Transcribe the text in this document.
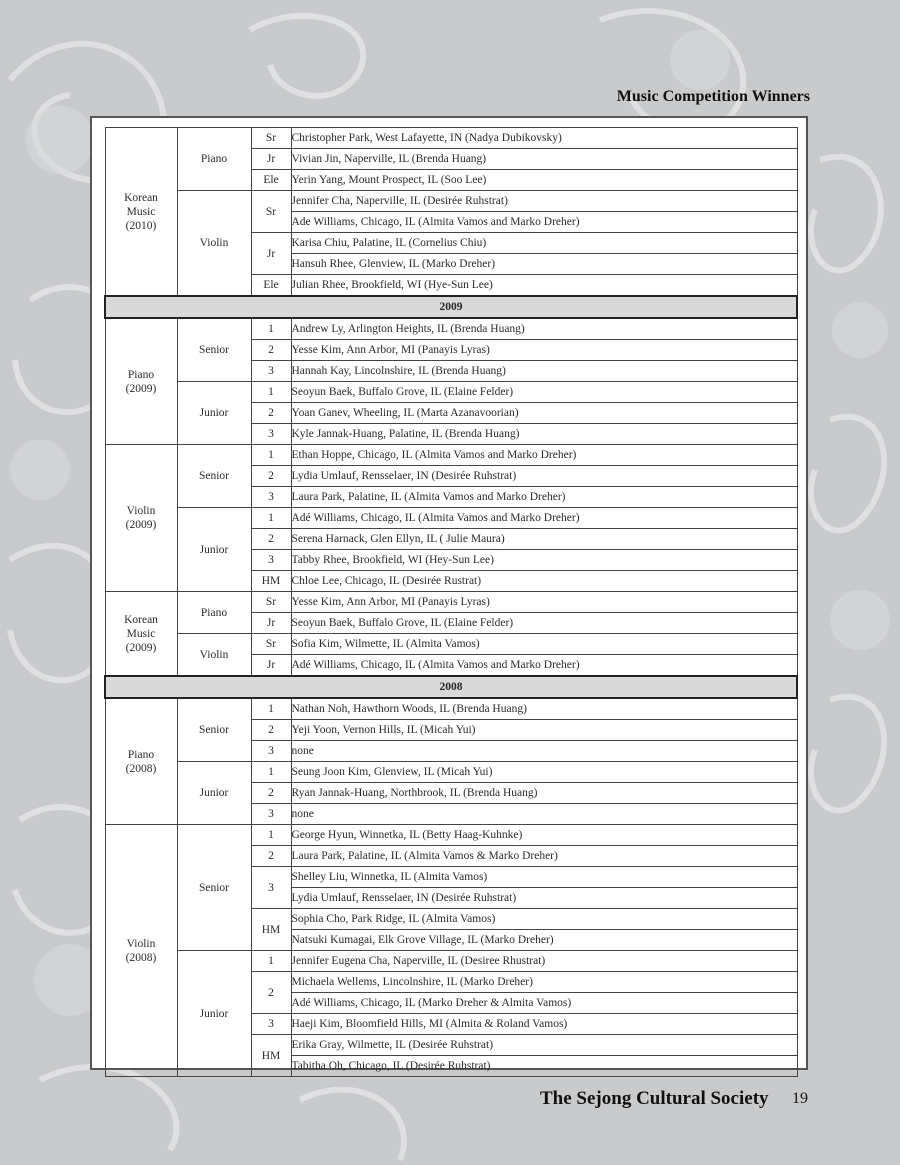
Music Competition Winners
Korean
Music
(2010)	Piano	Sr	Christopher Park, West Lafayette, IN (Nadya Dubikovsky)
		Jr	Vivian Jin, Naperville, IL (Brenda Huang)
		Ele	Yerin Yang, Mount Prospect, IL (Soo Lee)
	Violin	Sr	Jennifer Cha, Naperville, IL (Desirée Ruhstrat)
			Ade Williams, Chicago, IL (Almita Vamos and Marko Dreher)
		Jr	Karisa Chiu, Palatine, IL (Cornelius Chiu)
			Hansuh Rhee, Glenview, IL (Marko Dreher)
		Ele	Julian Rhee, Brookfield, WI (Hye-Sun Lee)
2009			

Piano
(2009)	Senior	1	Andrew Ly, Arlington Heights, IL (Brenda Huang)
		2	Yesse Kim, Ann Arbor, MI (Panayis Lyras)
		3	Hannah Kay, Lincolnshire, IL (Brenda Huang)
	Junior	1	Seoyun Baek, Buffalo Grove, IL (Elaine Felder)
		2	Yoan Ganev, Wheeling, IL (Marta Azanavoorian)
		3	Kyle Jannak-Huang, Palatine, IL (Brenda Huang)

Violin
(2009)	Senior	1	Ethan Hoppe, Chicago, IL (Almita Vamos and Marko Dreher)
		2	Lydia Umlauf, Rensselaer, IN (Desirée Ruhstrat)
		3	Laura Park, Palatine, IL (Almita Vamos and Marko Dreher)
	Junior	1	Adé Williams, Chicago, IL (Almita Vamos and Marko Dreher)
		2	Serena Harnack, Glen Ellyn, IL ( Julie Maura)
		3	Tabby Rhee, Brookfield, WI (Hey-Sun Lee)
		HM	Chloe Lee, Chicago, IL (Desirée Rustrat)

Korean
Music
(2009)	Piano	Sr	Yesse Kim, Ann Arbor, MI (Panayis Lyras)
		Jr	Seoyun Baek, Buffalo Grove, IL (Elaine Felder)
	Violin	Sr	Sofia Kim, Wilmette, IL (Almita Vamos)
		Jr	Adé Williams, Chicago, IL (Almita Vamos and Marko Dreher)
2008			

Piano
(2008)	Senior	1	Nathan Noh, Hawthorn Woods, IL (Brenda Huang)
		2	Yeji Yoon, Vernon Hills, IL (Micah Yui)
		3	none
	Junior	1	Seung Joon Kim, Glenview, IL (Micah Yui)
		2	Ryan Jannak-Huang, Northbrook, IL (Brenda Huang)
		3	none

Violin
(2008)	Senior	1	George Hyun, Winnetka, IL (Betty Haag-Kuhnke)
		2	Laura Park, Palatine, IL (Almita Vamos & Marko Dreher)
		3	Shelley Liu, Winnetka, IL (Almita Vamos)
			Lydia Umlauf, Rensselaer, IN (Desirée Ruhstrat)
		HM	Sophia Cho, Park Ridge, IL (Almita Vamos)
			Natsuki Kumagai, Elk Grove Village, IL (Marko Dreher)
	Junior	1	Jennifer Eugena Cha, Naperville, IL (Desiree Rhustrat)
		2	Michaela Wellems, Lincolnshire, IL (Marko Dreher)
			Adé Williams, Chicago, IL (Marko Dreher & Almita Vamos)
		3	Haeji Kim, Bloomfield Hills, MI (Almita & Roland Vamos)
		HM	Erika Gray, Wilmette, IL (Desirée Ruhstrat)
			Tabitha Oh, Chicago, IL (Desirée Ruhstrat)
The Sejong Cultural Society 19
